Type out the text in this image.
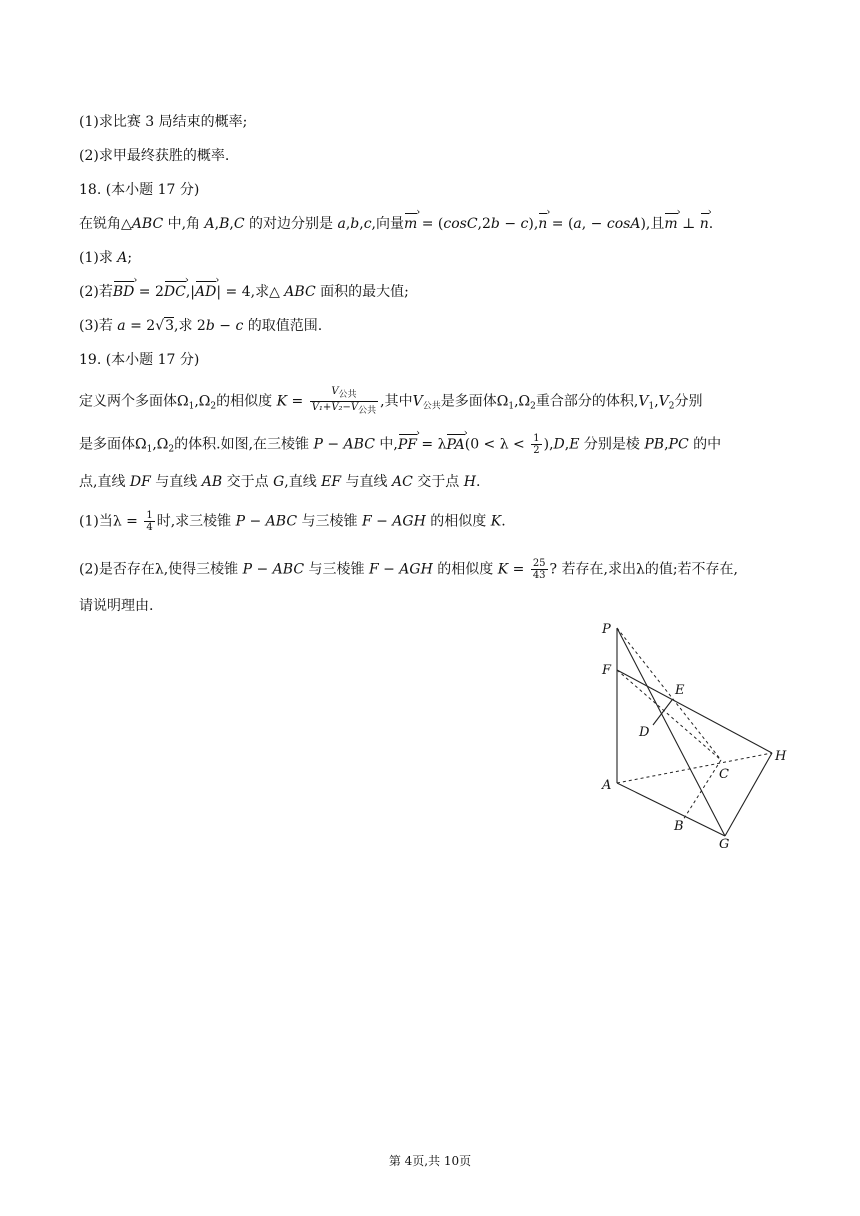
(1)求比赛 3 局结束的概率;
(2)求甲最终获胜的概率.
18. (本小题 17 分)
在锐角△ABC 中,角 A,B,C 的对边分别是 a,b,c,向量m › = (cosC,2b − c),n › = (a, − cosA),且m › ⊥ n ›.
(1)求 A;
(2)若BD › = 2DC ›,|AD ›| = 4,求△ ABC 面积的最大值;
(3)若 a = 2√3,求 2b − c 的取值范围.
19. (本小题 17 分)
定义两个多面体$\Omega_1,\Omega_2$的相似度 $K = \frac{\text{V公共}}{\text{V₁+V₂−V公共}}$ ,其中$V_{公共}$是多面体$\Omega_1,\Omega_2$重合部分的体积$,V_1,V_2$分别
是多面体$\Omega_1,\Omega_2$的体积.如图,在三棱锥 P − ABC 中,PF › = λPA ›(0 < $\lambda < \frac{1}{2} ),D,E$ 分别是棱 PB,PC 的中
点,直线 DF 与直线 AB 交于点 G,直线 EF 与直线 AC 交于点 H.
(1)当$\lambda = \frac{1}{4}$ 时,求三棱锥 P − ABC 与三棱锥 F − AGH 的相似度 K.
(2)是否存在λ,使得三棱锥 P − ABC 与三棱锥 F − AGH 的相似度 $K = \frac{25}{43}$ ? 若存在,求出λ的值;若不存在,
请说明理由.
P
F
E
D
H
C
A
B
G
第 4页,共 10页
